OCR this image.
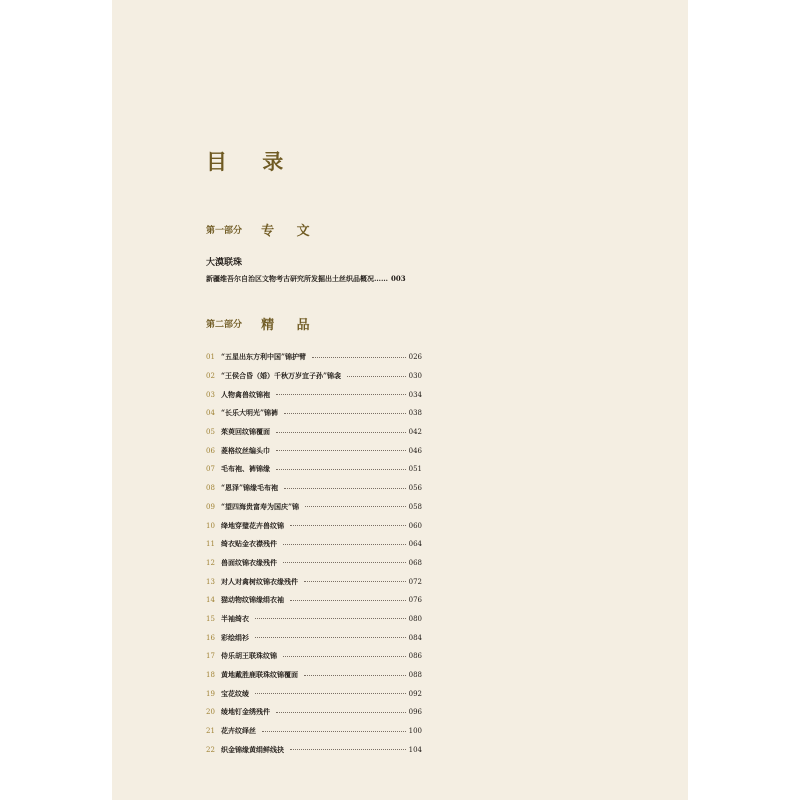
目 录
第一部分 专 文
大漠联珠
新疆维吾尔自治区文物考古研究所发掘出土丝织品概况 …… 003
第二部分 精 品
01 “五星出东方利中国”锦护臂	026
02 “王侯合昏（婚）千秋万岁宜子孙”锦衾	030
03 人物禽兽纹锦袍	034
04 “长乐大明光”锦裤	038
05 茱萸回纹锦覆面	042
06 菱格纹丝编头巾	046
07 毛布袍、裤锦缘	051
08 “恩泽”锦缘毛布袍	056
09 “望四海贵富寿为国庆”锦	058
10 绛地穿璧花卉兽纹锦	060
11 绮衣贴金衣襟残件	064
12 兽面纹锦衣缘残件	068
13 对人对禽树纹锦衣缘残件	072
14 猫动物纹锦缘绢衣袖	076
15 半袖绮衣	080
16 彩绘绢衫	084
17 侍乐胡王联珠纹锦	086
18 黄地戴胜鹿联珠纹锦覆面	088
19 宝花纹绫	092
20 绫地钉金绣残件	096
21 花卉纹绎丝	100
22 织金锦缘黄绢鲜线抉	104
